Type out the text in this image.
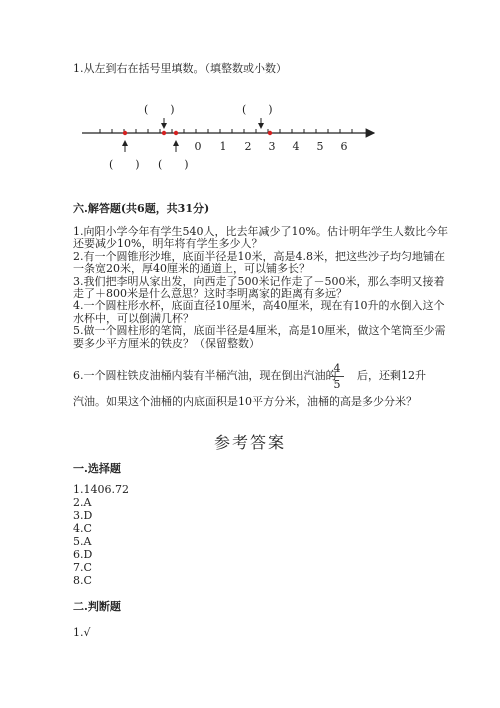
1.从左到右在括号里填数。（填整数或小数）
0 1 2 3 4 5 6
(　　)	(　　)
(　　) (　　)
六.解答题(共6题，共31分)
1.向阳小学今年有学生540人，比去年减少了10%。估计明年学生人数比今年
还要减少10%，明年将有学生多少人？
2.有一个圆锥形沙堆，底面半径是10米，高是4.8米，把这些沙子均匀地铺在
一条宽20米，厚40厘米的通道上，可以铺多长？
3.我们把李明从家出发，向西走了500米记作走了－500米，那么李明又接着
走了＋800米是什么意思？这时李明离家的距离有多远？
4.一个圆柱形水杯，底面直径10厘米，高40厘米，现在有10升的水倒入这个
水杯中，可以倒满几杯？
5.做一个圆柱形的笔筒，底面半径是4厘米，高是10厘米，做这个笔筒至少需
要多少平方厘米的铁皮？（保留整数）
6.一个圆柱铁皮油桶内装有半桶汽油，现在倒出汽油的
4
5
后，还剩12升
汽油。如果这个油桶的内底面积是10平方分米，油桶的高是多少分米？
参考答案
一.选择题
1.1406.72
2.A
3.D
4.C
5.A
6.D
7.C
8.C
二.判断题
1.√
